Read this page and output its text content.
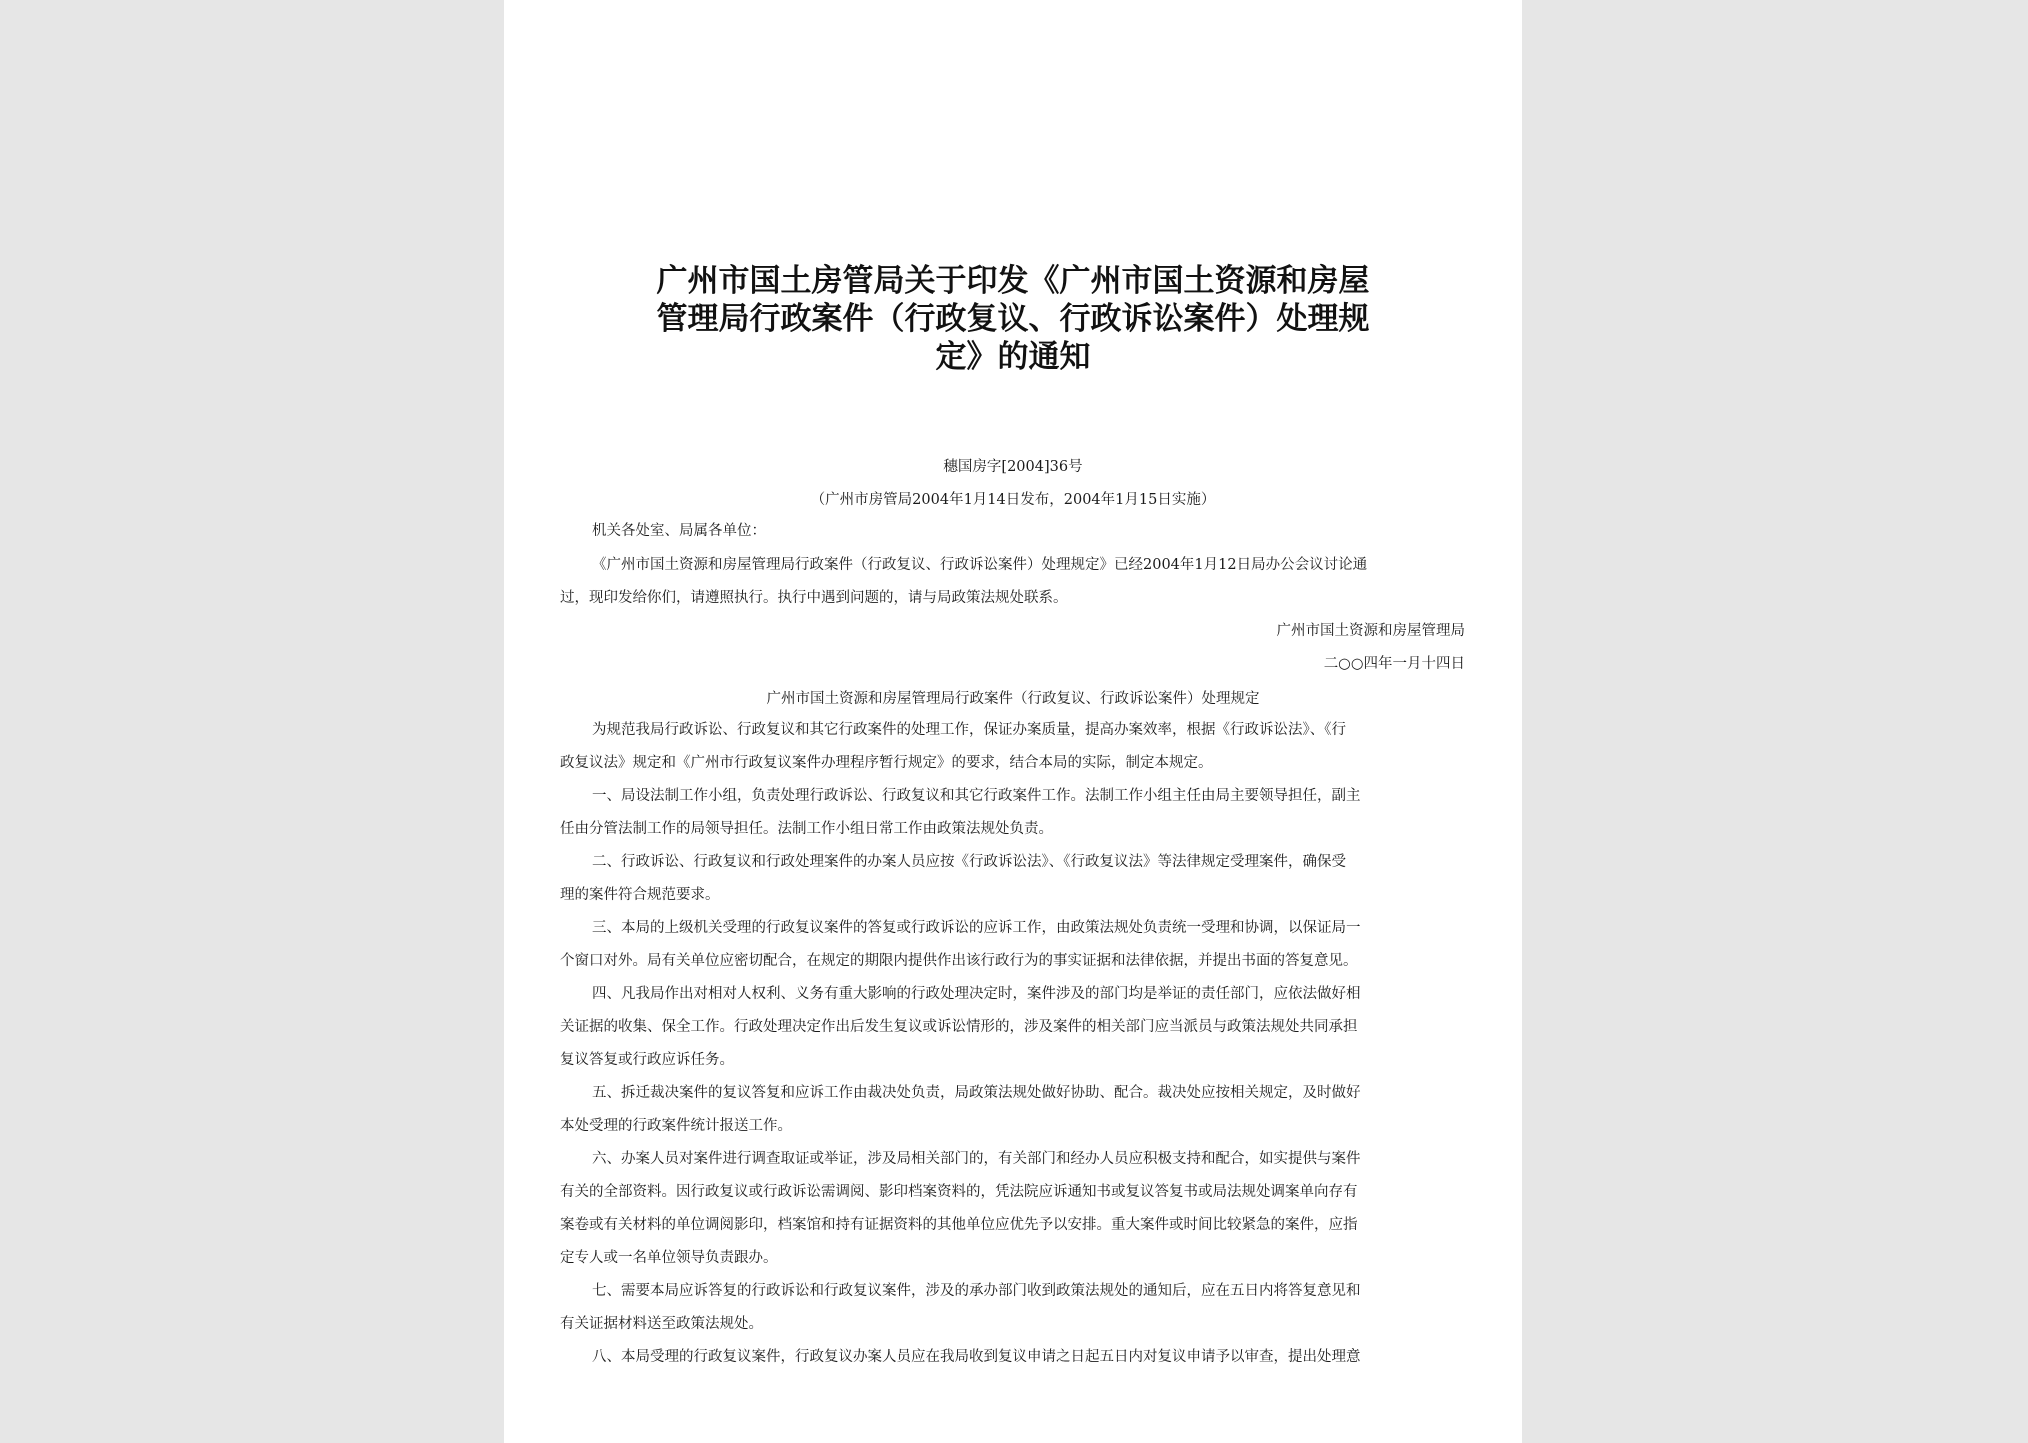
广州市国土房管局关于印发《广州市国土资源和房屋
管理局行政案件（行政复议、行政诉讼案件）处理规
定》的通知
穗国房字[2004]36号
（广州市房管局2004年1月14日发布，2004年1月15日实施）
机关各处室、局属各单位：
《广州市国土资源和房屋管理局行政案件（行政复议、行政诉讼案件）处理规定》已经2004年1月12日局办公会议讨论通
过，现印发给你们，请遵照执行。执行中遇到问题的，请与局政策法规处联系。
广州市国土资源和房屋管理局
二○○四年一月十四日
广州市国土资源和房屋管理局行政案件（行政复议、行政诉讼案件）处理规定
为规范我局行政诉讼、行政复议和其它行政案件的处理工作，保证办案质量，提高办案效率，根据《行政诉讼法》、《行
政复议法》规定和《广州市行政复议案件办理程序暂行规定》的要求，结合本局的实际，制定本规定。
一、局设法制工作小组，负责处理行政诉讼、行政复议和其它行政案件工作。法制工作小组主任由局主要领导担任，副主
任由分管法制工作的局领导担任。法制工作小组日常工作由政策法规处负责。
二、行政诉讼、行政复议和行政处理案件的办案人员应按《行政诉讼法》、《行政复议法》等法律规定受理案件，确保受
理的案件符合规范要求。
三、本局的上级机关受理的行政复议案件的答复或行政诉讼的应诉工作，由政策法规处负责统一受理和协调，以保证局一
个窗口对外。局有关单位应密切配合，在规定的期限内提供作出该行政行为的事实证据和法律依据，并提出书面的答复意见。
四、凡我局作出对相对人权利、义务有重大影响的行政处理决定时，案件涉及的部门均是举证的责任部门，应依法做好相
关证据的收集、保全工作。行政处理决定作出后发生复议或诉讼情形的，涉及案件的相关部门应当派员与政策法规处共同承担
复议答复或行政应诉任务。
五、拆迁裁决案件的复议答复和应诉工作由裁决处负责，局政策法规处做好协助、配合。裁决处应按相关规定，及时做好
本处受理的行政案件统计报送工作。
六、办案人员对案件进行调查取证或举证，涉及局相关部门的，有关部门和经办人员应积极支持和配合，如实提供与案件
有关的全部资料。因行政复议或行政诉讼需调阅、影印档案资料的，凭法院应诉通知书或复议答复书或局法规处调案单向存有
案卷或有关材料的单位调阅影印，档案馆和持有证据资料的其他单位应优先予以安排。重大案件或时间比较紧急的案件，应指
定专人或一名单位领导负责跟办。
七、需要本局应诉答复的行政诉讼和行政复议案件，涉及的承办部门收到政策法规处的通知后，应在五日内将答复意见和
有关证据材料送至政策法规处。
八、本局受理的行政复议案件，行政复议办案人员应在我局收到复议申请之日起五日内对复议申请予以审查，提出处理意
